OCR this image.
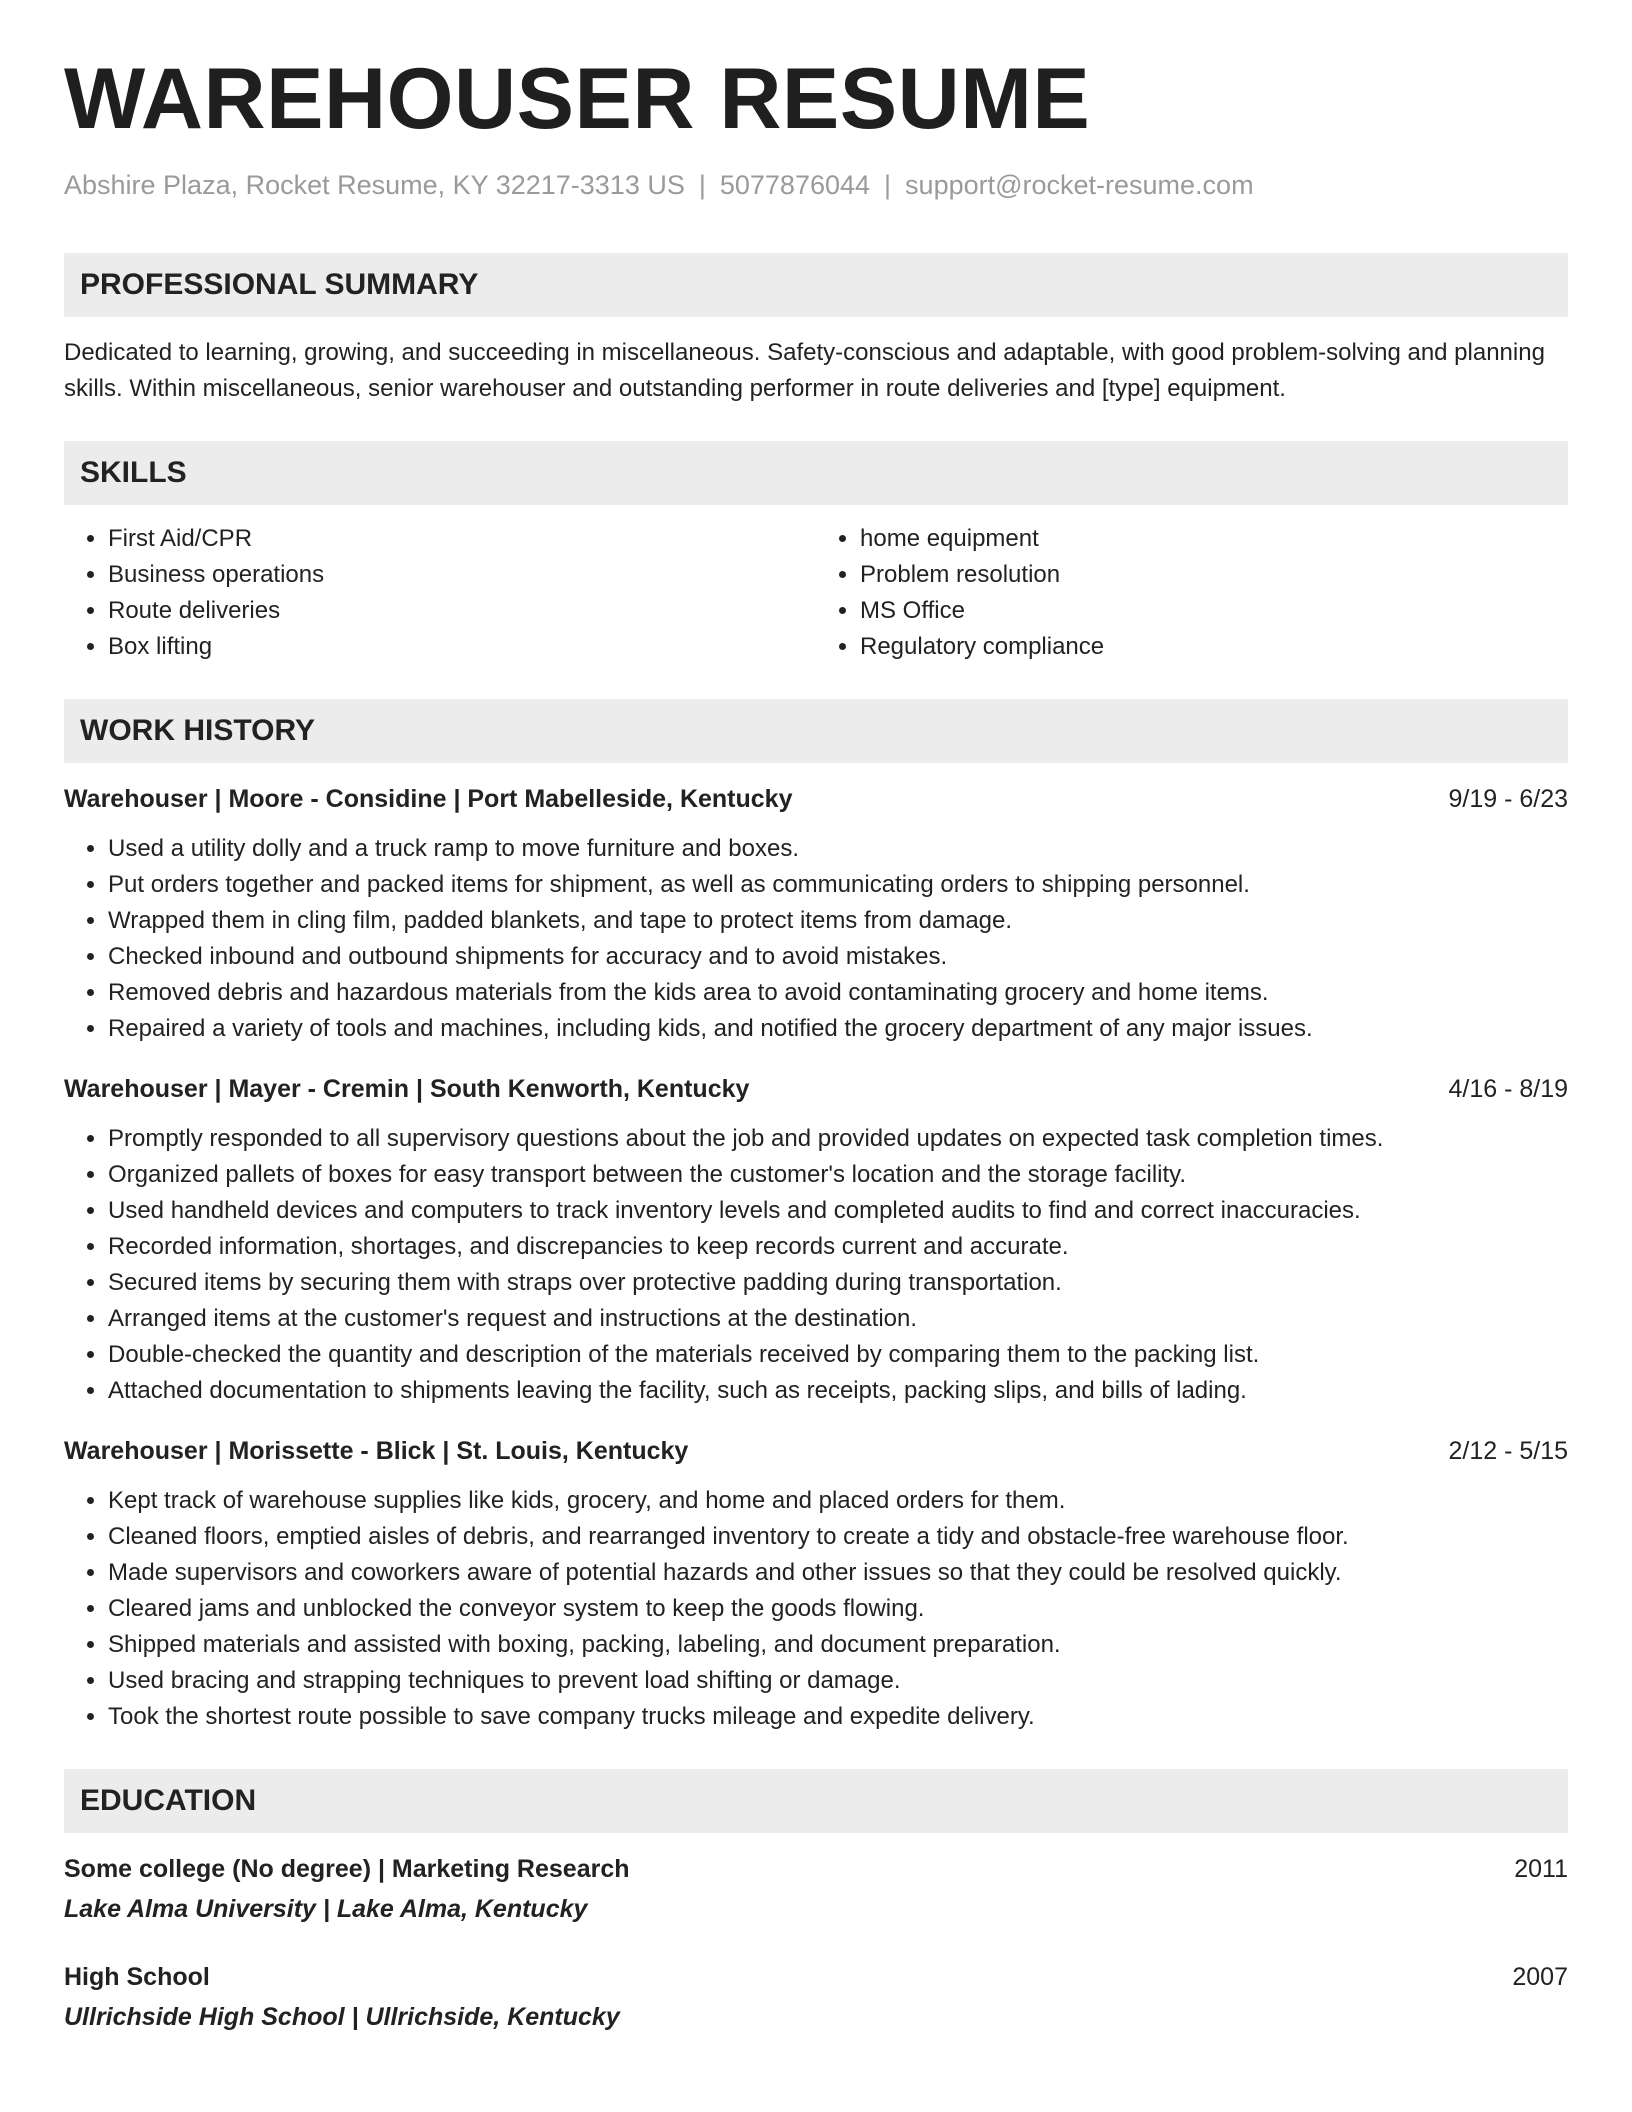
WAREHOUSER RESUME
Abshire Plaza, Rocket Resume, KY 32217-3313 US | 5077876044 | support@rocket-resume.com
PROFESSIONAL SUMMARY
Dedicated to learning, growing, and succeeding in miscellaneous. Safety-conscious and adaptable, with good problem-solving and planning skills. Within miscellaneous, senior warehouser and outstanding performer in route deliveries and [type] equipment.
SKILLS
• First Aid/CPR
• Business operations
• Route deliveries
• Box lifting
• home equipment
• Problem resolution
• MS Office
• Regulatory compliance
WORK HISTORY
Warehouser | Moore - Considine | Port Mabelleside, Kentucky	9/19 - 6/23
• Used a utility dolly and a truck ramp to move furniture and boxes.
• Put orders together and packed items for shipment, as well as communicating orders to shipping personnel.
• Wrapped them in cling film, padded blankets, and tape to protect items from damage.
• Checked inbound and outbound shipments for accuracy and to avoid mistakes.
• Removed debris and hazardous materials from the kids area to avoid contaminating grocery and home items.
• Repaired a variety of tools and machines, including kids, and notified the grocery department of any major issues.
Warehouser | Mayer - Cremin | South Kenworth, Kentucky	4/16 - 8/19
• Promptly responded to all supervisory questions about the job and provided updates on expected task completion times.
• Organized pallets of boxes for easy transport between the customer's location and the storage facility.
• Used handheld devices and computers to track inventory levels and completed audits to find and correct inaccuracies.
• Recorded information, shortages, and discrepancies to keep records current and accurate.
• Secured items by securing them with straps over protective padding during transportation.
• Arranged items at the customer's request and instructions at the destination.
• Double-checked the quantity and description of the materials received by comparing them to the packing list.
• Attached documentation to shipments leaving the facility, such as receipts, packing slips, and bills of lading.
Warehouser | Morissette - Blick | St. Louis, Kentucky	2/12 - 5/15
• Kept track of warehouse supplies like kids, grocery, and home and placed orders for them.
• Cleaned floors, emptied aisles of debris, and rearranged inventory to create a tidy and obstacle-free warehouse floor.
• Made supervisors and coworkers aware of potential hazards and other issues so that they could be resolved quickly.
• Cleared jams and unblocked the conveyor system to keep the goods flowing.
• Shipped materials and assisted with boxing, packing, labeling, and document preparation.
• Used bracing and strapping techniques to prevent load shifting or damage.
• Took the shortest route possible to save company trucks mileage and expedite delivery.
EDUCATION
Some college (No degree) | Marketing Research	2011
Lake Alma University | Lake Alma, Kentucky
High School	2007
Ullrichside High School | Ullrichside, Kentucky
